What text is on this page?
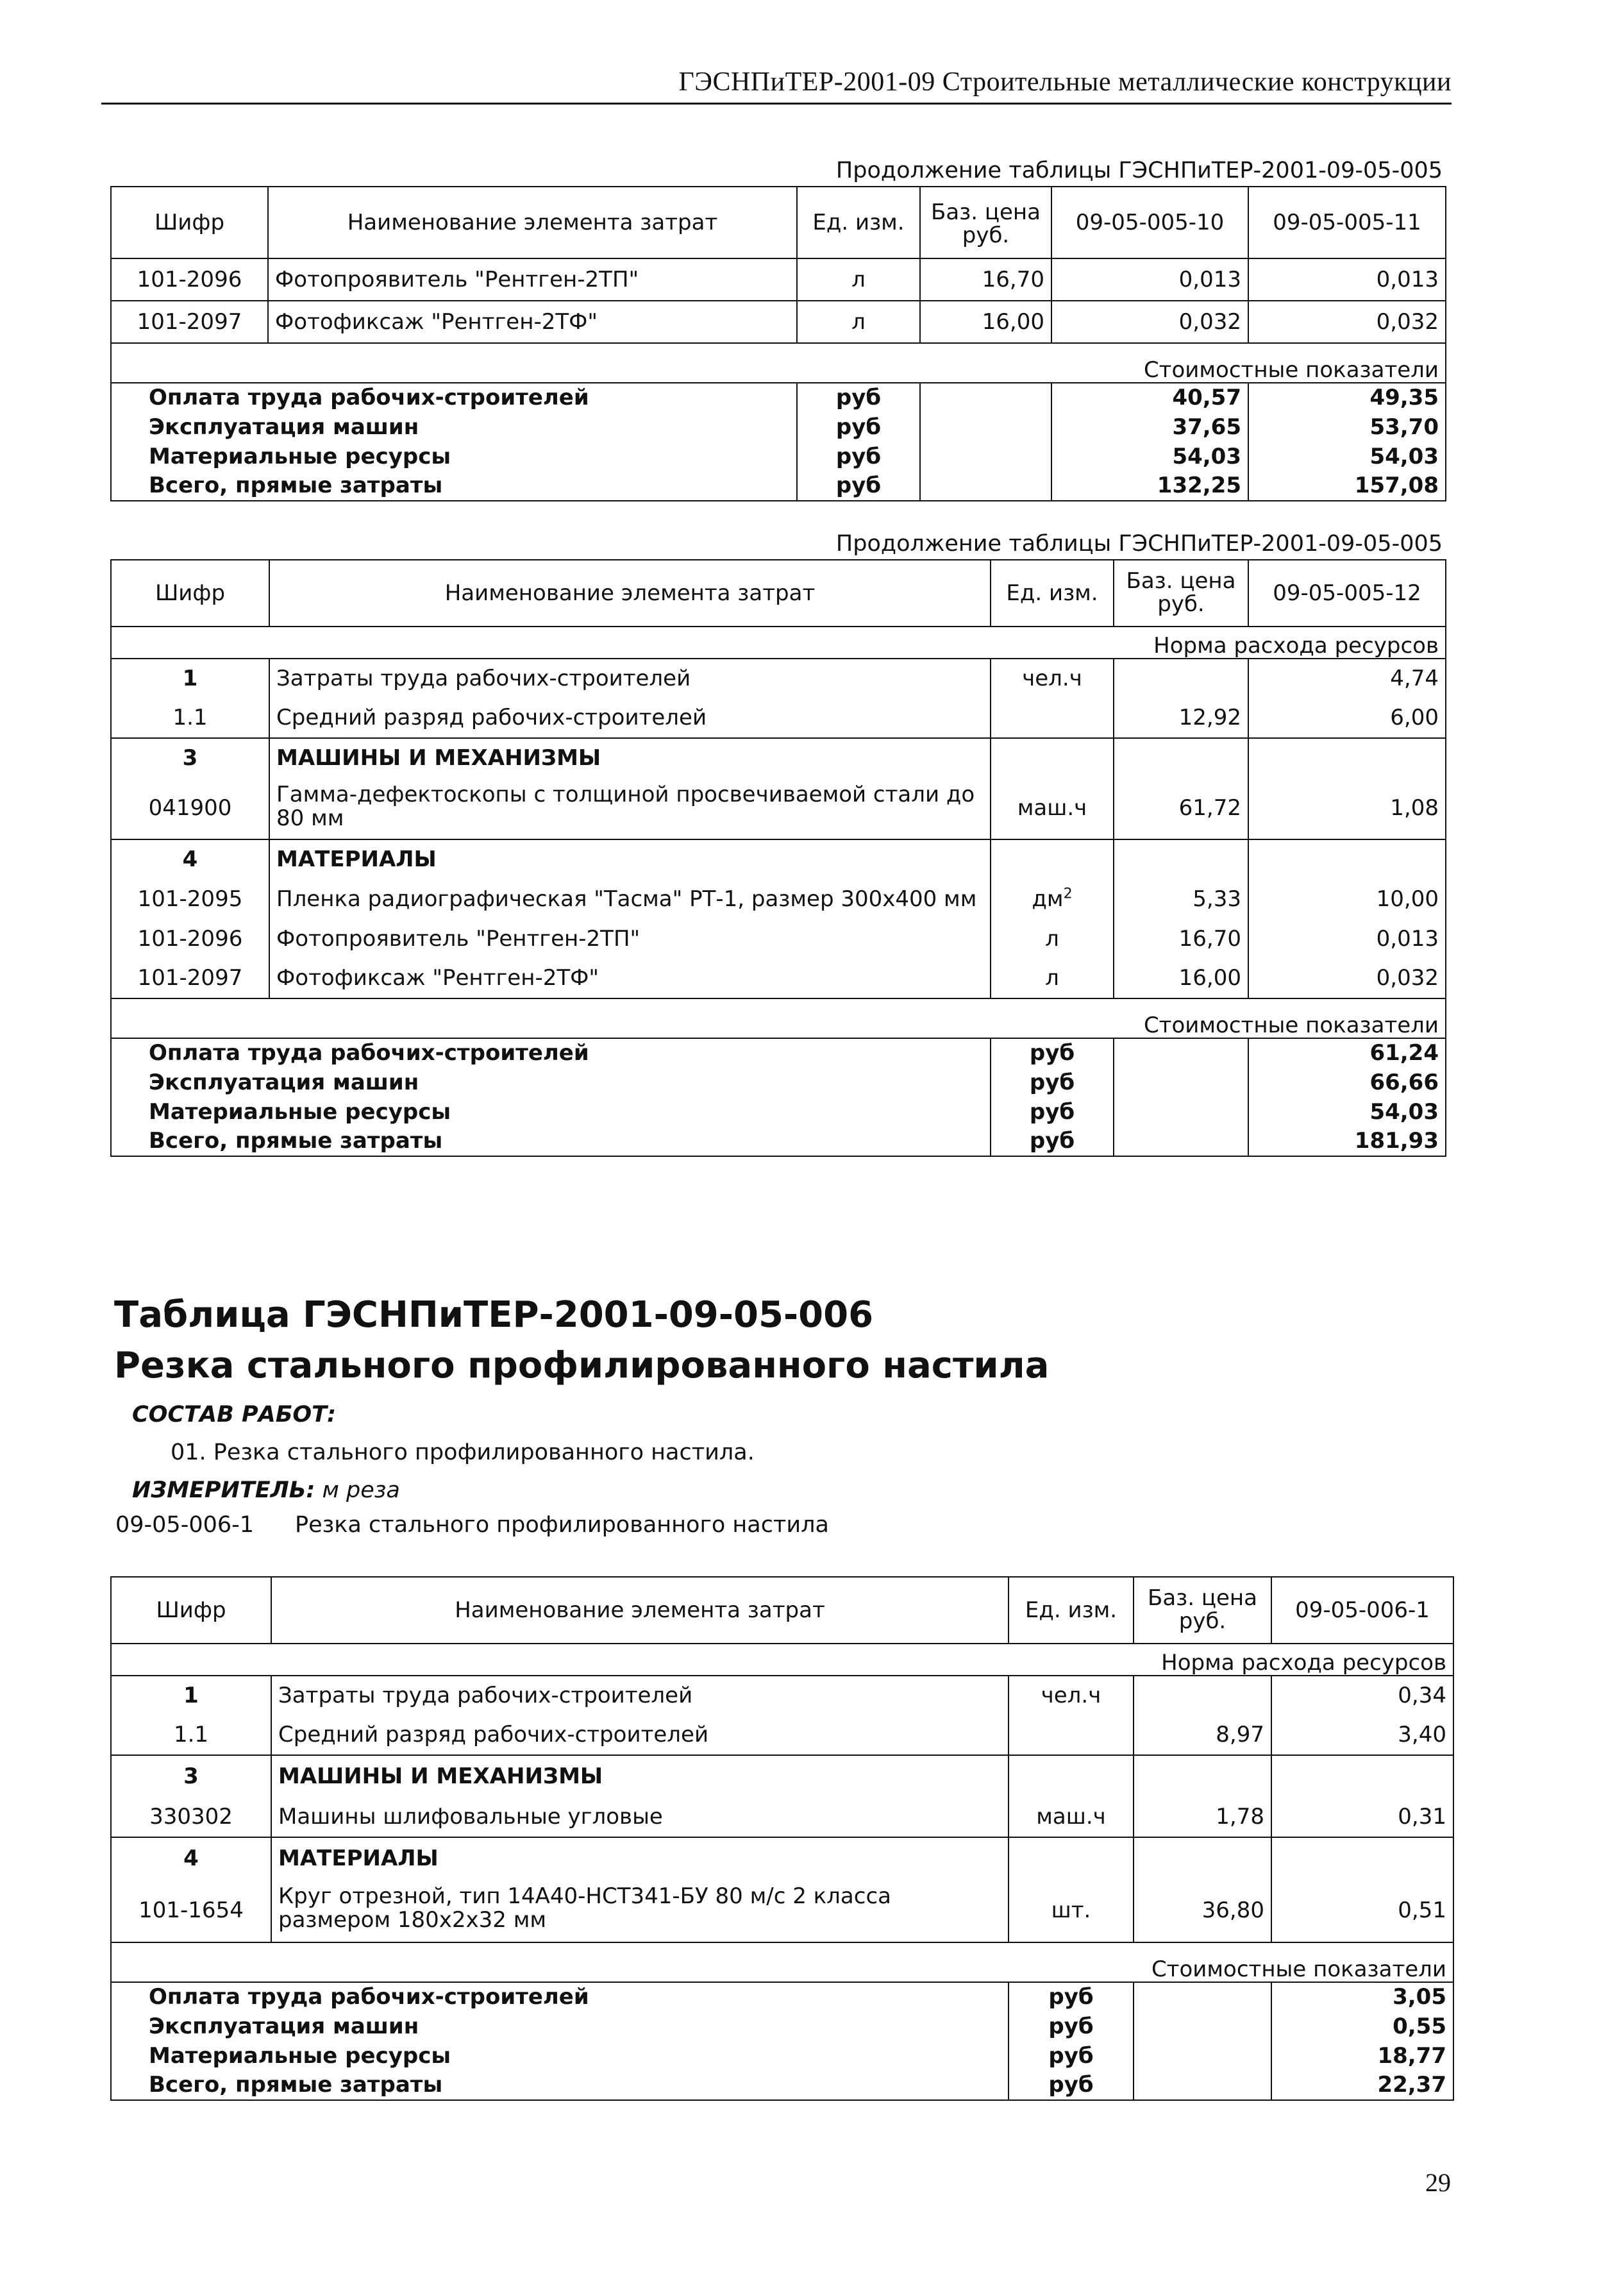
ГЭСНПиТЕР-2001-09 Строительные металлические конструкции
Продолжение таблицы ГЭСНПиТЕР-2001-09-05-005
Шифр	Наименование элемента затрат	Ед. изм.	Баз. цена руб.	09-05-005-10	09-05-005-11
101-2096	Фотопроявитель "Рентген-2ТП"	л	16,70	0,013	0,013
101-2097	Фотофиксаж "Рентген-2ТФ"	л	16,00	0,032	0,032
Стоимостные показатели					
Оплата труда рабочих-строителей		руб		40,57	49,35
Эксплуатация машин		руб		37,65	53,70
Материальные ресурсы		руб		54,03	54,03
Всего, прямые затраты		руб		132,25	157,08
Продолжение таблицы ГЭСНПиТЕР-2001-09-05-005
Шифр	Наименование элемента затрат	Ед. изм.	Баз. цена руб.	09-05-005-12
Норма расхода ресурсов				
1	Затраты труда рабочих-строителей	чел.ч		4,74
1.1	Средний разряд рабочих-строителей		12,92	6,00
3	МАШИНЫ И МЕХАНИЗМЫ			
041900	Гамма-дефектоскопы с толщиной просвечиваемой стали до 80 мм	маш.ч	61,72	1,08
4	МАТЕРИАЛЫ			
101-2095	Пленка радиографическая "Тасма" РТ-1, размер 300х400 мм	$дм^2$	5,33	10,00
101-2096	Фотопроявитель "Рентген-2ТП"	л	16,70	0,013
101-2097	Фотофиксаж "Рентген-2ТФ"	л	16,00	0,032
Стоимостные показатели				
Оплата труда рабочих-строителей		руб		61,24
Эксплуатация машин		руб		66,66
Материальные ресурсы		руб		54,03
Всего, прямые затраты		руб		181,93
Таблица ГЭСНПиТЕР-2001-09-05-006
Резка стального профилированного настила
СОСТАВ РАБОТ:
01. Резка стального профилированного настила.
ИЗМЕРИТЕЛЬ: м реза
09-05-006-1 Резка стального профилированного настила
Шифр	Наименование элемента затрат	Ед. изм.	Баз. цена руб.	09-05-006-1
Норма расхода ресурсов				
1	Затраты труда рабочих-строителей	чел.ч		0,34
1.1	Средний разряд рабочих-строителей		8,97	3,40
3	МАШИНЫ И МЕХАНИЗМЫ			
330302	Машины шлифовальные угловые	маш.ч	1,78	0,31
4	МАТЕРИАЛЫ			
101-1654	Круг отрезной, тип 14А40-НСТ341-БУ 80 м/с 2 класса размером 180х2х32 мм	шт.	36,80	0,51
Стоимостные показатели				
Оплата труда рабочих-строителей		руб		3,05
Эксплуатация машин		руб		0,55
Материальные ресурсы		руб		18,77
Всего, прямые затраты		руб		22,37
29
